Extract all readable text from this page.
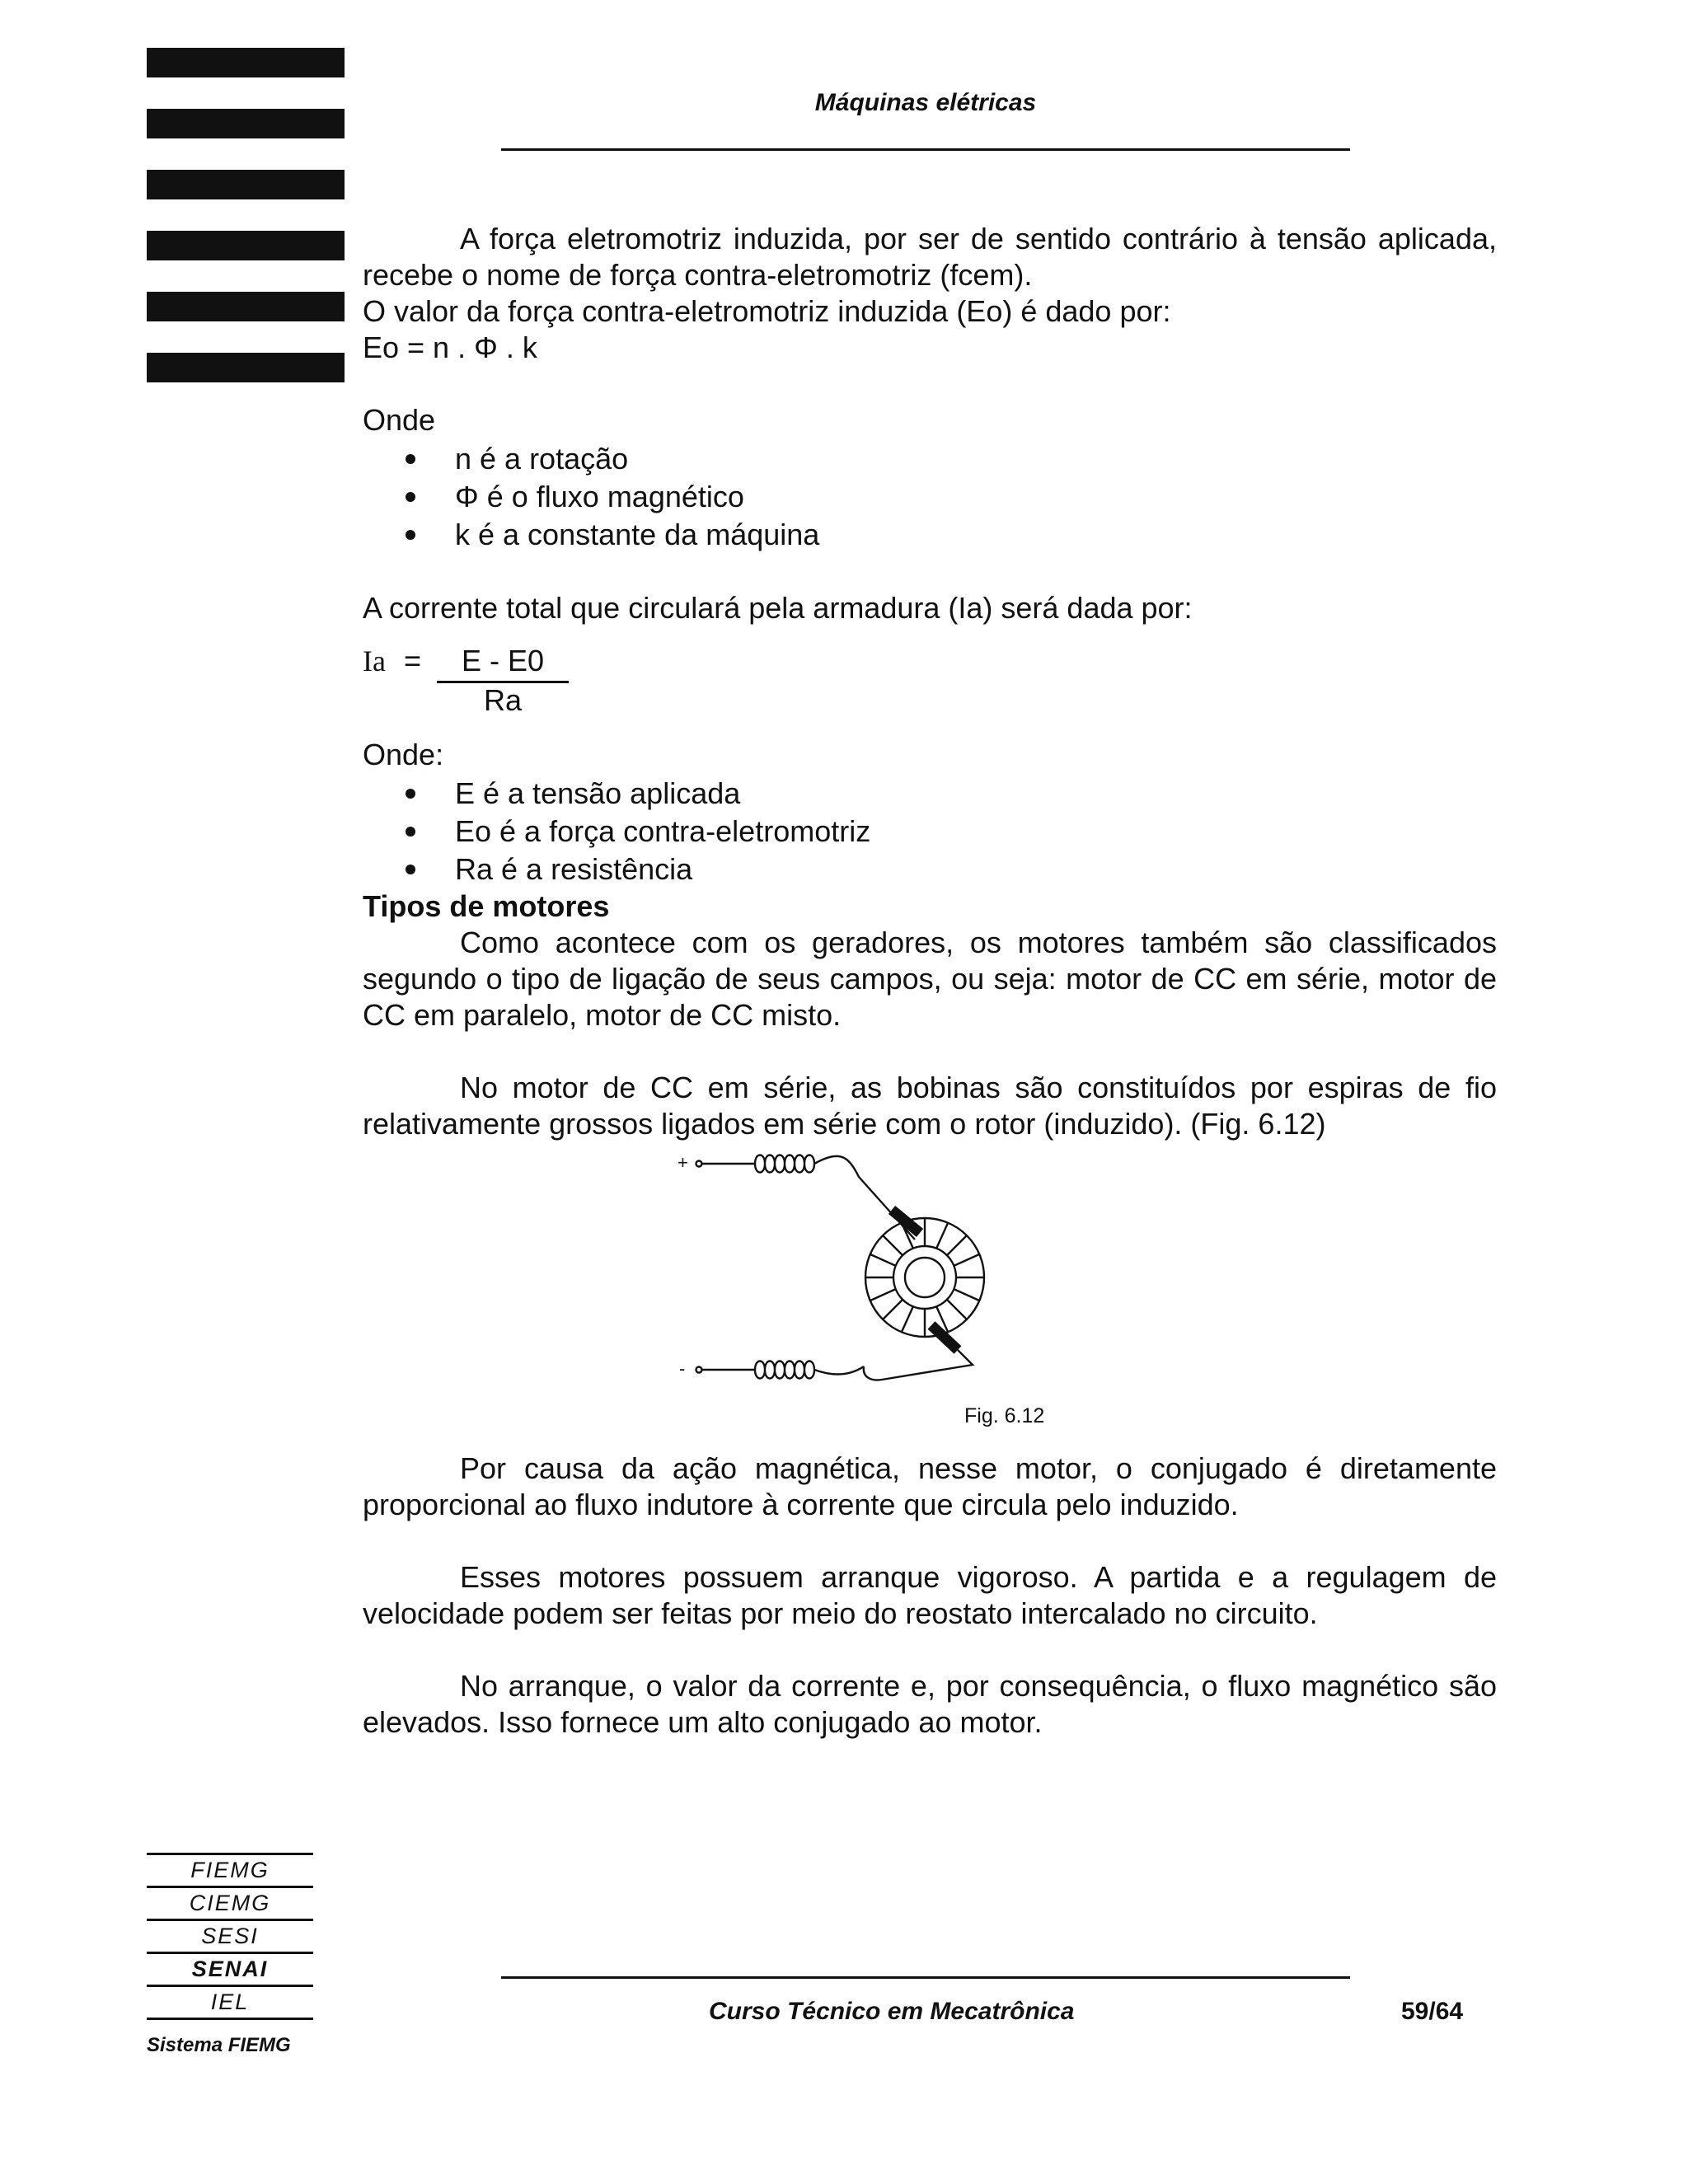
Máquinas elétricas

A força eletromotriz induzida, por ser de sentido contrário à tensão aplicada, recebe o nome de força contra-eletromotriz (fcem).

O valor da força contra-eletromotriz induzida (Eo) é dado por:

Eo = n . Φ . k

Onde

n é a rotação
Φ é o fluxo magnético
k é a constante da máquina

A corrente total que circulará pela armadura (Ia) será dada por:

Ia =	E - E0
Ra

Onde:

E é a tensão aplicada
Eo é a força contra-eletromotriz
Ra é a resistência

Tipos de motores

Como acontece com os geradores, os motores também são classificados segundo o tipo de ligação de seus campos, ou seja: motor de CC em série, motor de CC em paralelo, motor de CC misto.

No motor de CC em série, as bobinas são constituídos por espiras de fio relativamente grossos ligados em série com o rotor (induzido). (Fig. 6.12)

+
-
Fig. 6.12

Por causa da ação magnética, nesse motor, o conjugado é diretamente proporcional ao fluxo indutore à corrente que circula pelo induzido.

Esses motores possuem arranque vigoroso. A partida e a regulagem de velocidade podem ser feitas por meio do reostato intercalado no circuito.

No arranque, o valor da corrente e, por consequência, o fluxo magnético são elevados. Isso fornece um alto conjugado ao motor.

FIEMG
CIEMG
SESI
SENAI
IEL
Sistema FIEMG
Curso Técnico em Mecatrônica	59/64
